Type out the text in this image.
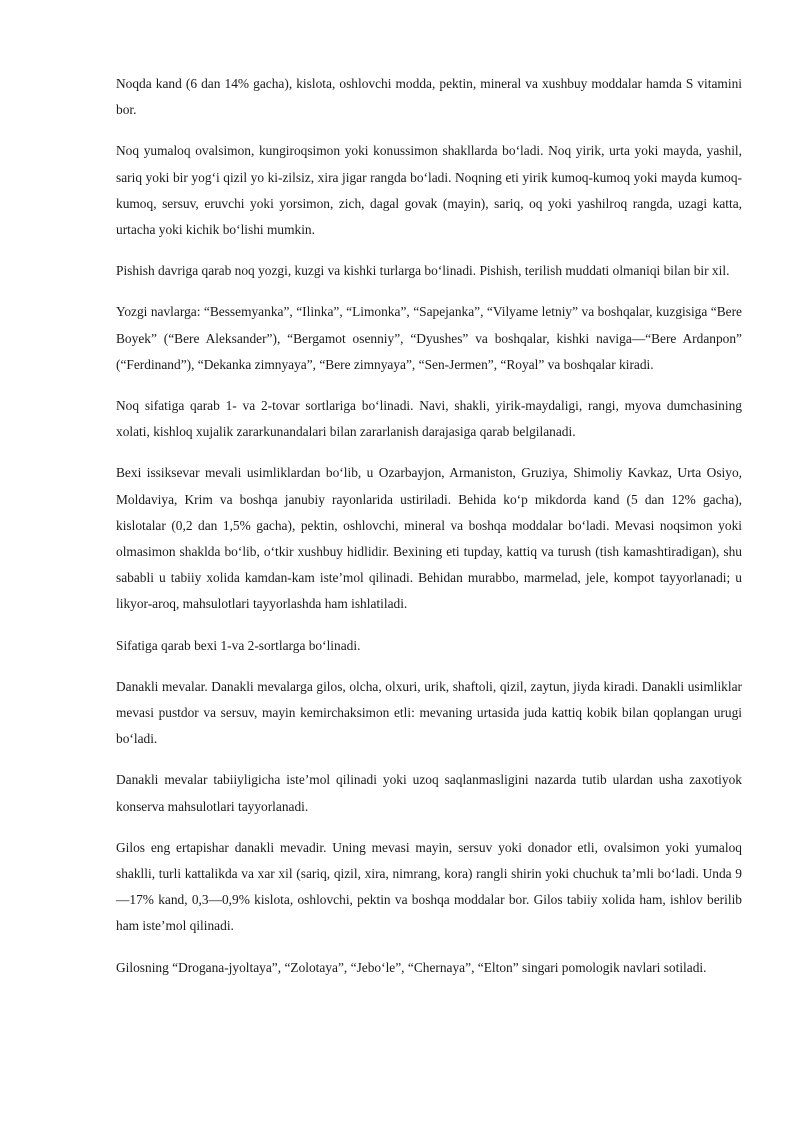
Noqda kand (6 dan 14% gacha), kislota, oshlovchi modda, pektin, mineral va xushbuy moddalar hamda S vitamini bor.

Noq yumaloq ovalsimon, kungiroqsimon yoki konussimon shakllarda bo‘ladi. Noq yirik, urta yoki mayda, yashil, sariq yoki bir yog‘i qizil yo ki-zilsiz, xira jigar rangda bo‘ladi. Noqning eti yirik kumoq-kumoq yoki mayda kumoq-kumoq, sersuv, eruvchi yoki yorsimon, zich, dagal govak (mayin), sariq, oq yoki yashilroq rangda, uzagi katta, urtacha yoki kichik bo‘lishi mumkin.

Pishish davriga qarab noq yozgi, kuzgi va kishki turlarga bo‘linadi. Pishish, terilish muddati olmaniqi bilan bir xil.

Yozgi navlarga: “Bessemyanka”, “Ilinka”, “Limonka”, “Sapejanka”, “Vilyame letniy” va boshqalar, kuzgisiga “Bere Boyek” (“Bere Aleksander”), “Bergamot osenniy”, “Dyushes” va boshqalar, kishki naviga—“Bere Ardanpon” (“Ferdinand”), “Dekanka zimnyaya”, “Bere zimnyaya”, “Sen-Jermen”, “Royal” va boshqalar kiradi.

Noq sifatiga qarab 1- va 2-tovar sortlariga bo‘linadi. Navi, shakli, yirik-maydaligi, rangi, myova dumchasining xolati, kishloq xujalik zararkunandalari bilan zararlanish darajasiga qarab belgilanadi.

Bexi issiksevar mevali usimliklardan bo‘lib, u Ozarbayjon, Armaniston, Gruziya, Shimoliy Kavkaz, Urta Osiyo, Moldaviya, Krim va boshqa janubiy rayonlarida ustiriladi. Behida ko‘p mikdorda kand (5 dan 12% gacha), kislotalar (0,2 dan 1,5% gacha), pektin, oshlovchi, mineral va boshqa moddalar bo‘ladi. Mevasi noqsimon yoki olmasimon shaklda bo‘lib, o‘tkir xushbuy hidlidir. Bexining eti tupday, kattiq va turush (tish kamashtiradigan), shu sababli u tabiiy xolida kamdan-kam iste’mol qilinadi. Behidan murabbo, marmelad, jele, kompot tayyorlanadi; u likyor-aroq, mahsulotlari tayyorlashda ham ishlatiladi.

Sifatiga qarab bexi 1-va 2-sortlarga bo‘linadi.

Danakli mevalar. Danakli mevalarga gilos, olcha, olxuri, urik, shaftoli, qizil, zaytun, jiyda kiradi. Danakli usimliklar mevasi pustdor va sersuv, mayin kemirchaksimon etli: mevaning urtasida juda kattiq kobik bilan qoplangan urugi bo‘ladi.

Danakli mevalar tabiiyligicha iste’mol qilinadi yoki uzoq saqlanmasligini nazarda tutib ulardan usha zaxotiyok konserva mahsulotlari tayyorlanadi.

Gilos eng ertapishar danakli mevadir. Uning mevasi mayin, sersuv yoki donador etli, ovalsimon yoki yumaloq shaklli, turli kattalikda va xar xil (sariq, qizil, xira, nimrang, kora) rangli shirin yoki chuchuk ta’mli bo‘ladi. Unda 9—17% kand, 0,3—0,9% kislota, oshlovchi, pektin va boshqa moddalar bor. Gilos tabiiy xolida ham, ishlov berilib ham iste’mol qilinadi.

Gilosning “Drogana-jyoltaya”, “Zolotaya”, “Jebo‘le”, “Chernaya”, “Elton” singari pomologik navlari sotiladi.
